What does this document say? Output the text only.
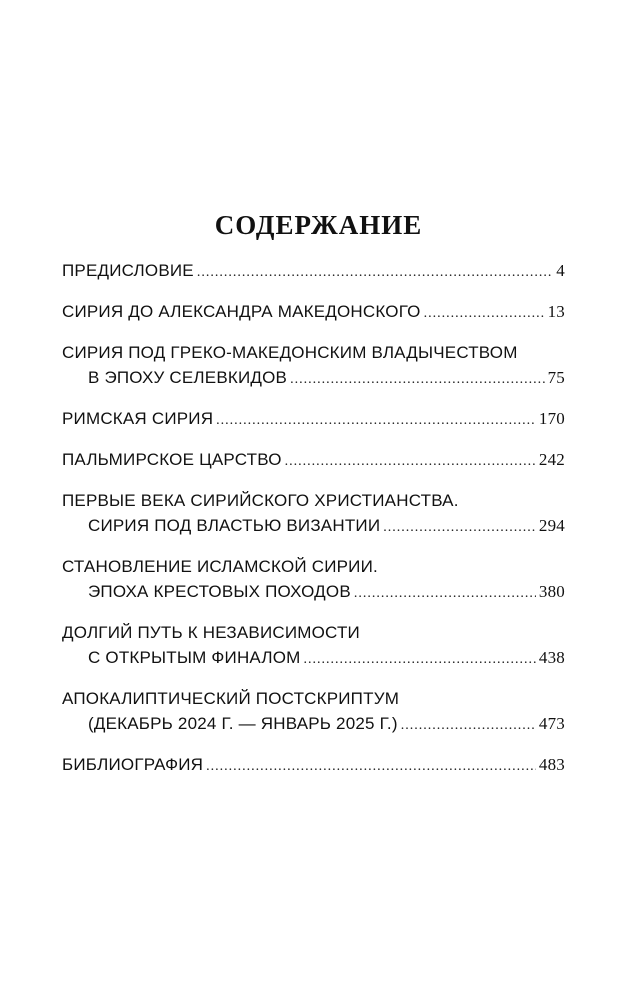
СОДЕРЖАНИЕ
ПРЕДИСЛОВИЕ .....	4
СИРИЯ ДО АЛЕКСАНДРА МАКЕДОНСКОГО .....	13
СИРИЯ ПОД ГРЕКО-МАКЕДОНСКИМ ВЛАДЫЧЕСТВОМ
В ЭПОХУ СЕЛЕВКИДОВ .....	75
РИМСКАЯ СИРИЯ .....	170
ПАЛЬМИРСКОЕ ЦАРСТВО .....	242
ПЕРВЫЕ ВЕКА СИРИЙСКОГО ХРИСТИАНСТВА.
СИРИЯ ПОД ВЛАСТЬЮ ВИЗАНТИИ .....	294
СТАНОВЛЕНИЕ ИСЛАМСКОЙ СИРИИ.
ЭПОХА КРЕСТОВЫХ ПОХОДОВ .....	380
ДОЛГИЙ ПУТЬ К НЕЗАВИСИМОСТИ
С ОТКРЫТЫМ ФИНАЛОМ .....	438
АПОКАЛИПТИЧЕСКИЙ ПОСТСКРИПТУМ
(ДЕКАБРЬ 2024 Г. — ЯНВАРЬ 2025 Г.) .....	473
БИБЛИОГРАФИЯ .....	483
